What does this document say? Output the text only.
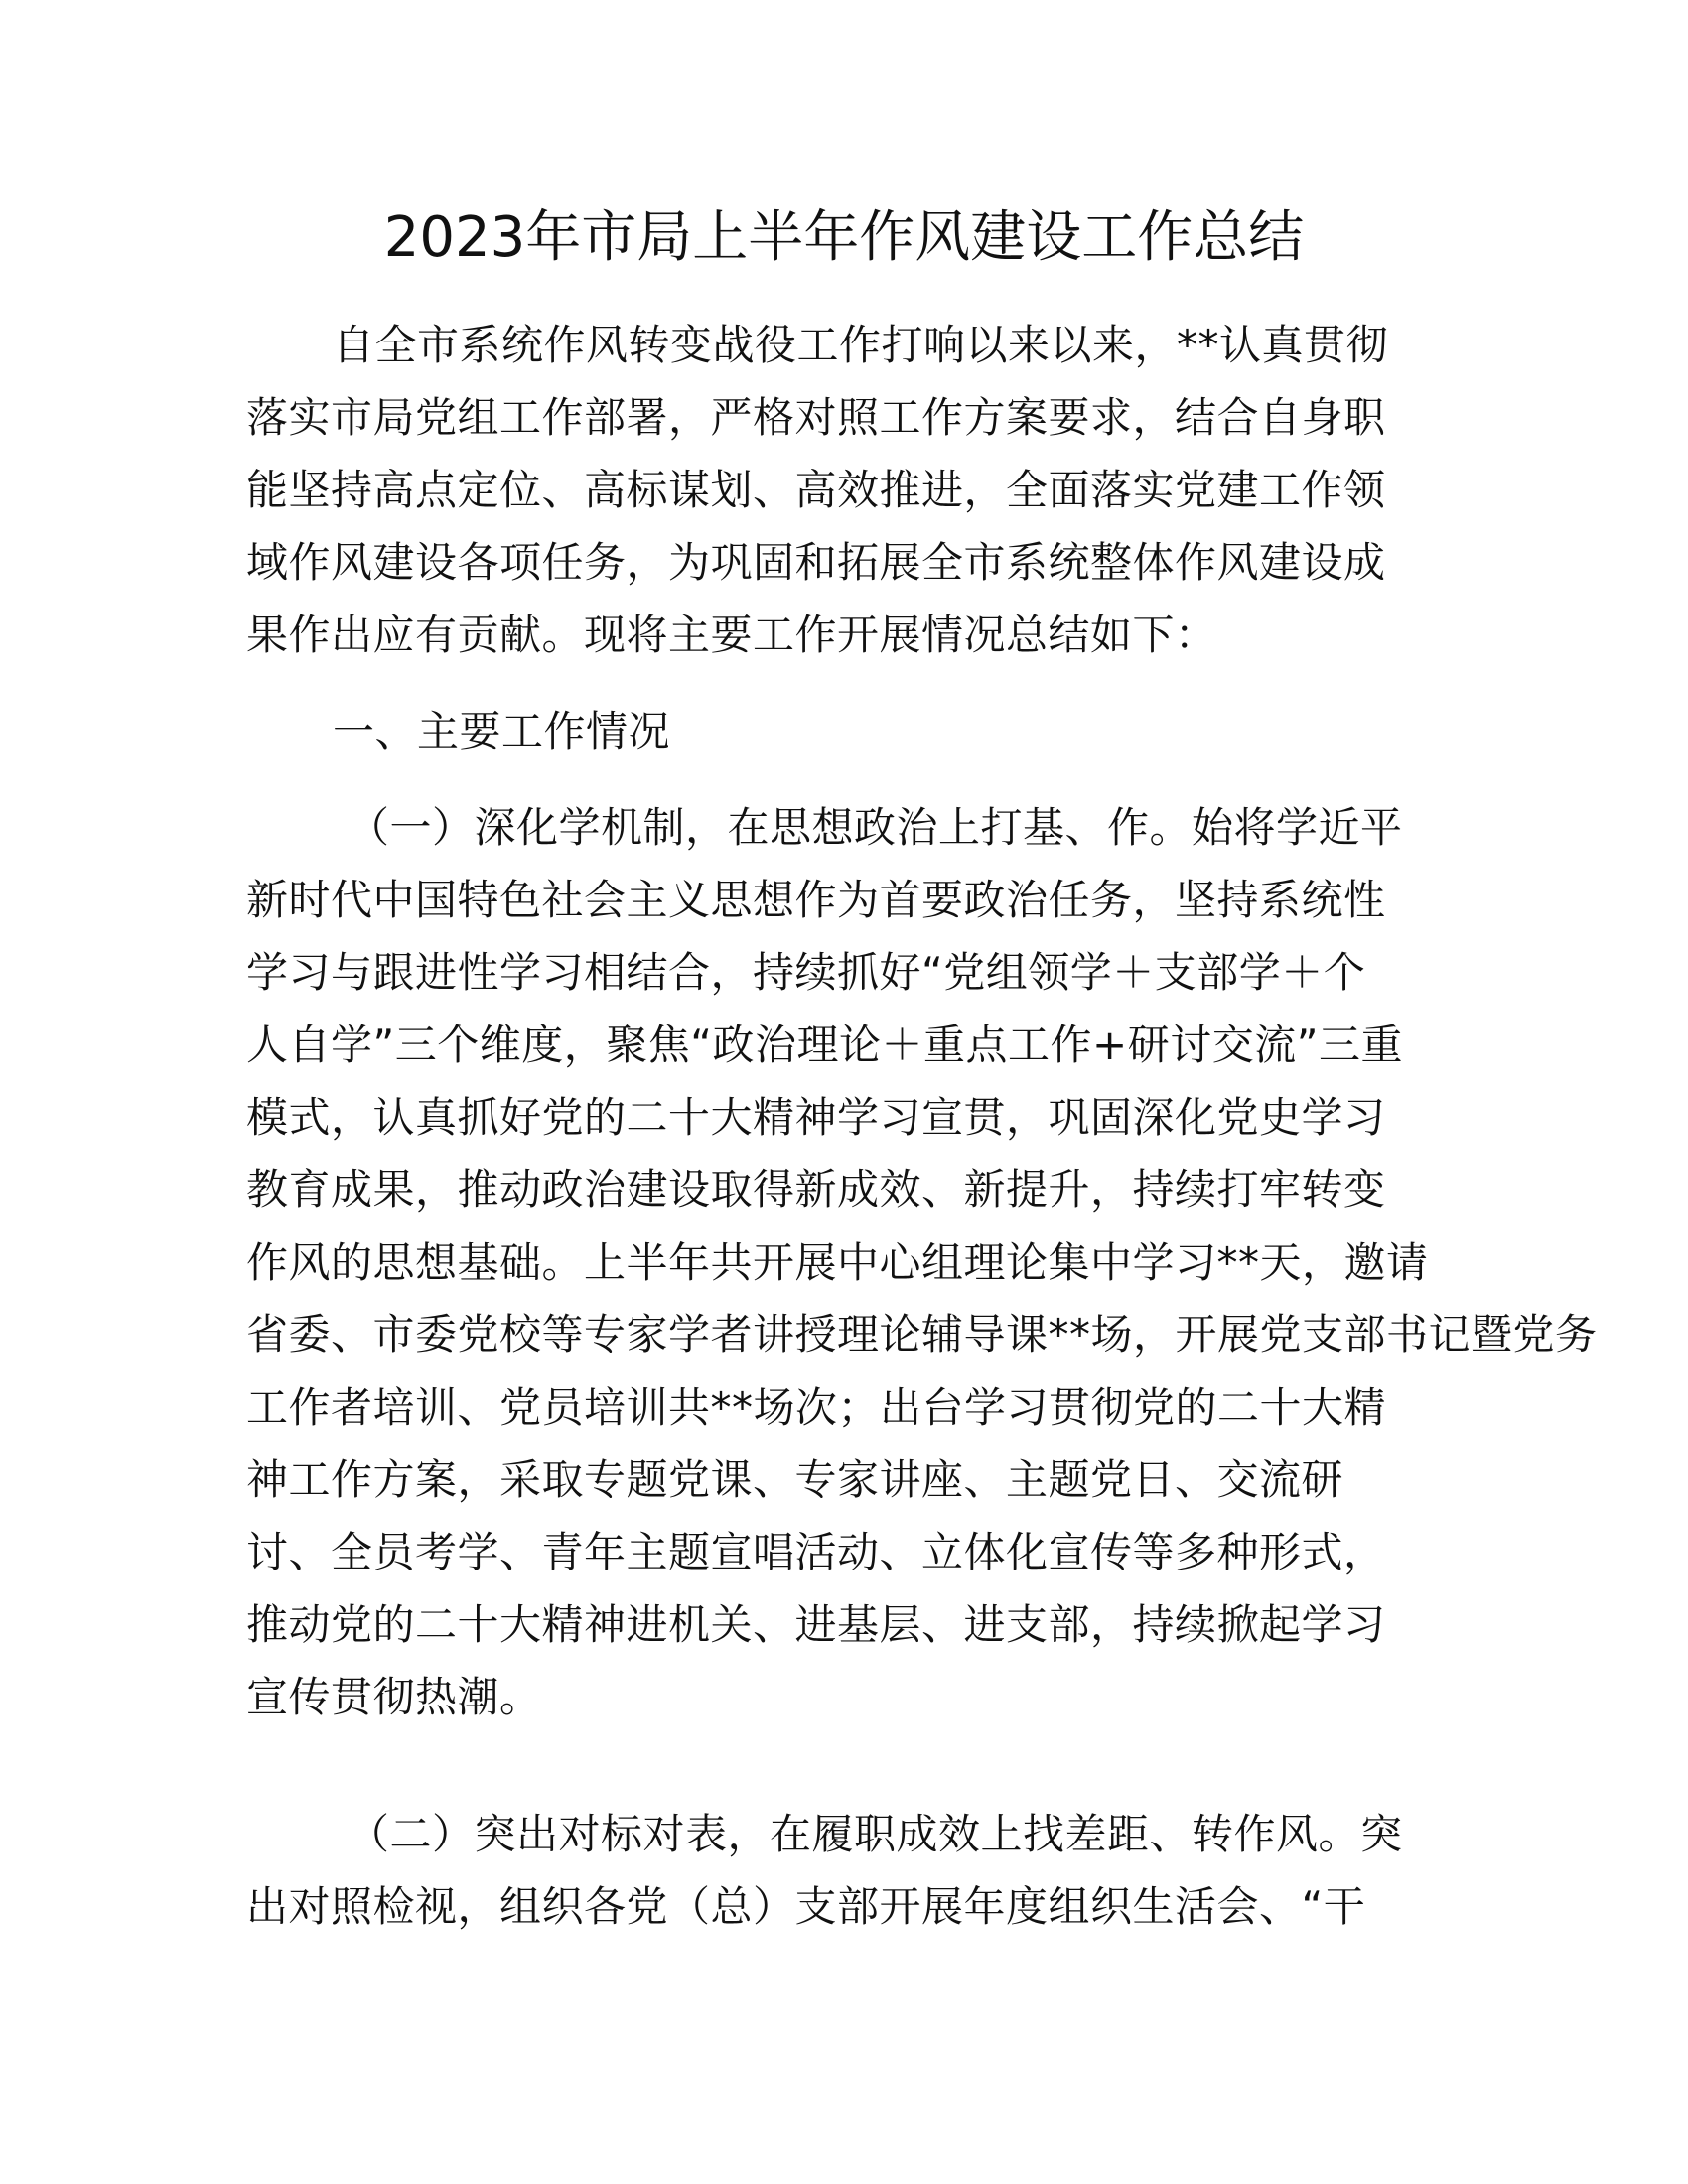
2023年市局上半年作风建设工作总结
自全市系统作风转变战役工作打响以来以来，**认真贯彻
落实市局党组工作部署，严格对照工作方案要求，结合自身职
能坚持高点定位、高标谋划、高效推进，全面落实党建工作领
域作风建设各项任务，为巩固和拓展全市系统整体作风建设成
果作出应有贡献。现将主要工作开展情况总结如下：
一、主要工作情况
（一）深化学机制，在思想政治上打基、作。始将学近平
新时代中国特色社会主义思想作为首要政治任务，坚持系统性
学习与跟进性学习相结合，持续抓好“党组领学＋支部学＋个
人自学”三个维度，聚焦“政治理论＋重点工作+研讨交流”三重
模式，认真抓好党的二十大精神学习宣贯，巩固深化党史学习
教育成果，推动政治建设取得新成效、新提升，持续打牢转变
作风的思想基础。上半年共开展中心组理论集中学习**天，邀请
省委、市委党校等专家学者讲授理论辅导课**场，开展党支部书记暨党务
工作者培训、党员培训共**场次；出台学习贯彻党的二十大精
神工作方案，采取专题党课、专家讲座、主题党日、交流研
讨、全员考学、青年主题宣唱活动、立体化宣传等多种形式，
推动党的二十大精神进机关、进基层、进支部，持续掀起学习
宣传贯彻热潮。
（二）突出对标对表，在履职成效上找差距、转作风。突
出对照检视，组织各党（总）支部开展年度组织生活会、“干
